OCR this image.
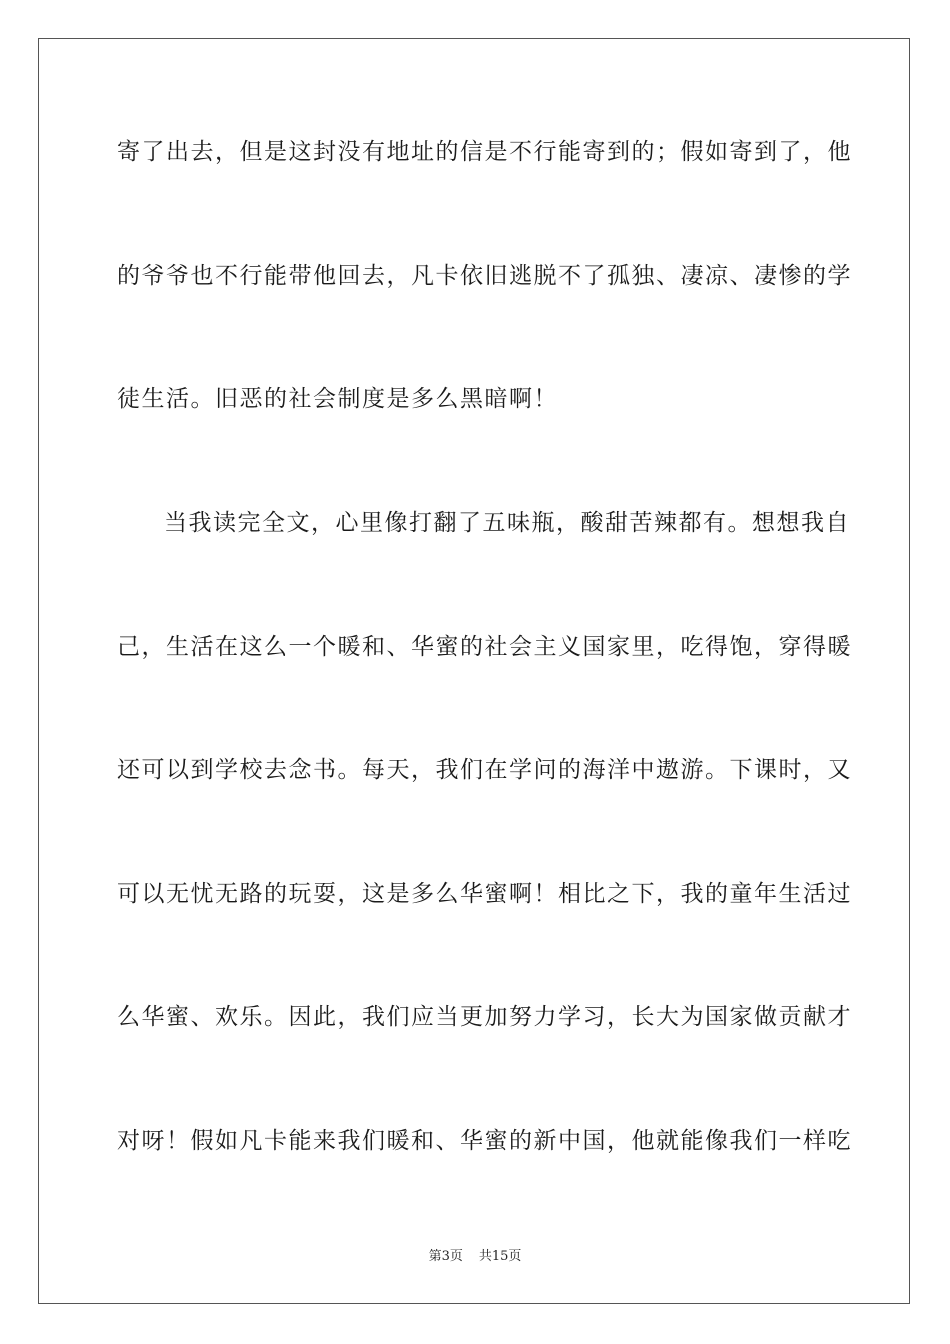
寄了出去，但是这封没有地址的信是不行能寄到的；假如寄到了，他
的爷爷也不行能带他回去，凡卡依旧逃脱不了孤独、凄凉、凄惨的学
徒生活。旧恶的社会制度是多么黑暗啊！
当我读完全文，心里像打翻了五味瓶，酸甜苦辣都有。想想我自
己，生活在这么一个暖和、华蜜的社会主义国家里，吃得饱，穿得暖
还可以到学校去念书。每天，我们在学问的海洋中遨游。下课时，又
可以无忧无路的玩耍，这是多么华蜜啊！相比之下，我的童年生活过
么华蜜、欢乐。因此，我们应当更加努力学习，长大为国家做贡献才
对呀！假如凡卡能来我们暖和、华蜜的新中国，他就能像我们一样吃
第3页 共15页
